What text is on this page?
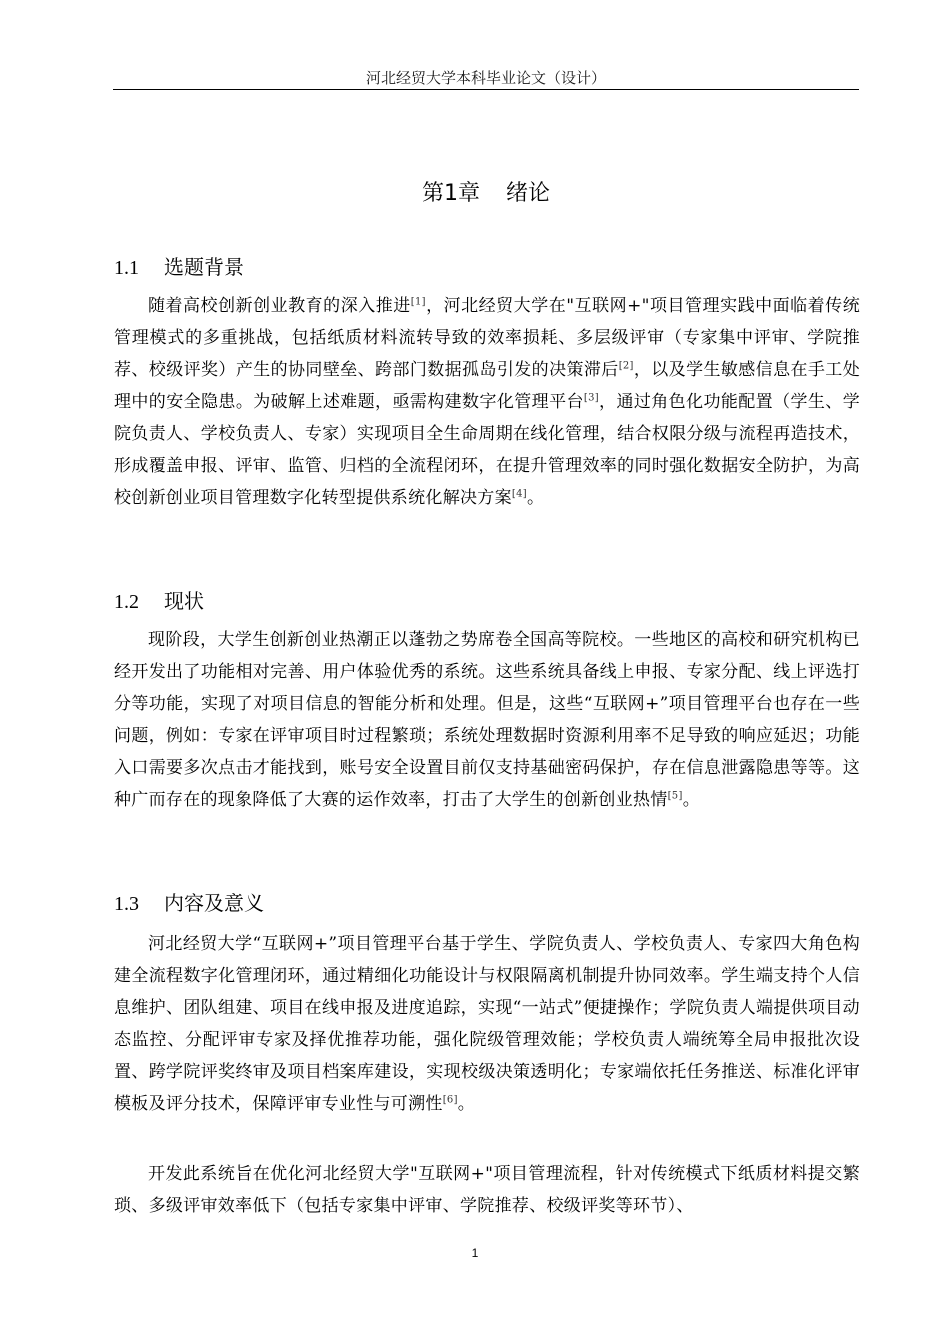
河北经贸大学本科毕业论文（设计）
第1章 绪论
1.1 选题背景

随着高校创新创业教育的深入推进[1]，河北经贸大学在"互联网+"项目管理实践中面临着传统管理模式的多重挑战，包括纸质材料流转导致的效率损耗、多层级评审（专家集中评审、学院推荐、校级评奖）产生的协同壁垒、跨部门数据孤岛引发的决策滞后[2]，以及学生敏感信息在手工处理中的安全隐患。为破解上述难题，亟需构建数字化管理平台[3]，通过角色化功能配置（学生、学院负责人、学校负责人、专家）实现项目全生命周期在线化管理，结合权限分级与流程再造技术，形成覆盖申报、评审、监管、归档的全流程闭环，在提升管理效率的同时强化数据安全防护，为高校创新创业项目管理数字化转型提供系统化解决方案[4]。

1.2 现状

现阶段，大学生创新创业热潮正以蓬勃之势席卷全国高等院校。一些地区的高校和研究机构已经开发出了功能相对完善、用户体验优秀的系统。这些系统具备线上申报、专家分配、线上评选打分等功能，实现了对项目信息的智能分析和处理。但是，这些“互联网+”项目管理平台也存在一些问题，例如：专家在评审项目时过程繁琐；系统处理数据时资源利用率不足导致的响应延迟；功能入口需要多次点击才能找到，账号安全设置目前仅支持基础密码保护，存在信息泄露隐患等等。这种广而存在的现象降低了大赛的运作效率，打击了大学生的创新创业热情[5]。

1.3 内容及意义

河北经贸大学“互联网+”项目管理平台基于学生、学院负责人、学校负责人、专家四大角色构建全流程数字化管理闭环，通过精细化功能设计与权限隔离机制提升协同效率。学生端支持个人信息维护、团队组建、项目在线申报及进度追踪，实现“一站式”便捷操作；学院负责人端提供项目动态监控、分配评审专家及择优推荐功能，强化院级管理效能；学校负责人端统筹全局申报批次设置、跨学院评奖终审及项目档案库建设，实现校级决策透明化；专家端依托任务推送、标准化评审模板及评分技术，保障评审专业性与可溯性[6]。

开发此系统旨在优化河北经贸大学"互联网+"项目管理流程，针对传统模式下纸质材料提交繁琐、多级评审效率低下（包括专家集中评审、学院推荐、校级评奖等环节）、

1
